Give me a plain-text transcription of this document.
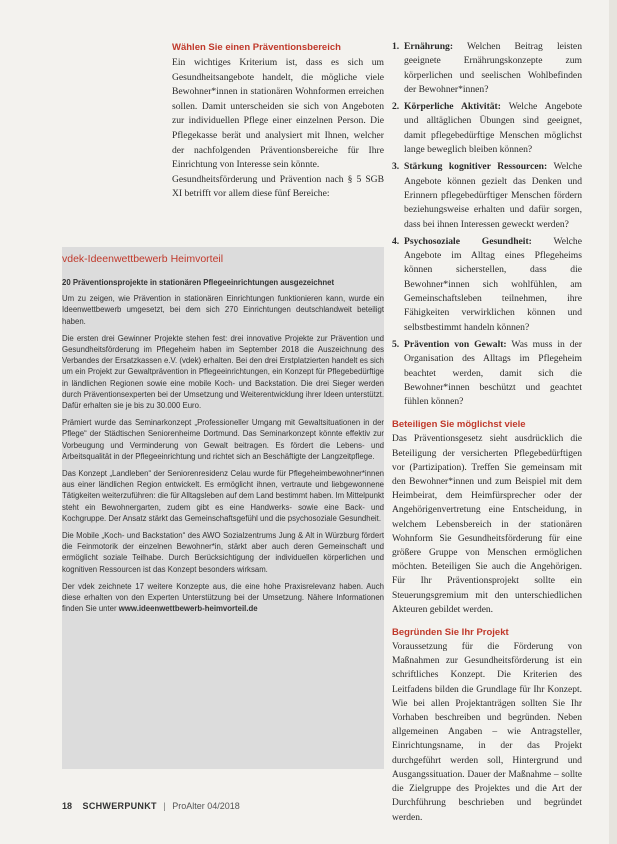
Wählen Sie einen Präventionsbereich

Ein wichtiges Kriterium ist, dass es sich um Gesundheitsangebote handelt, die mögliche viele Bewohner*innen in stationären Wohnformen erreichen sollen. Damit unterscheiden sie sich von Angeboten zur individuellen Pflege einer einzelnen Person. Die Pflegekasse berät und analysiert mit Ihnen, welcher der nachfolgenden Präventionsbereiche für Ihre Einrichtung von Interesse sein könnte.

Gesundheitsförderung und Prävention nach § 5 SGB XI betrifft vor allem diese fünf Bereiche:

vdek-Ideenwettbewerb Heimvorteil

20 Präventionsprojekte in stationären Pflegeeinrichtungen ausgezeichnet

Um zu zeigen, wie Prävention in stationären Einrichtungen funktionieren kann, wurde ein Ideenwettbewerb umgesetzt, bei dem sich 270 Einrichtungen deutschlandweit beteiligt haben.

Die ersten drei Gewinner Projekte stehen fest: drei innovative Projekte zur Prävention und Gesundheitsförderung im Pflegeheim haben im September 2018 die Auszeichnung des Verbandes der Ersatzkassen e.V. (vdek) erhalten. Bei den drei Erstplatzierten handelt es sich um ein Projekt zur Gewaltprävention in Pflegeeinrichtungen, ein Konzept für Pflegebedürftige in ländlichen Regionen sowie eine mobile Koch- und Backstation. Die drei Sieger werden durch Präventionsexperten bei der Umsetzung und Weiterentwicklung ihrer Ideen unterstützt. Dafür erhalten sie je bis zu 30.000 Euro.

Prämiert wurde das Seminarkonzept „Professioneller Umgang mit Gewaltsituationen in der Pflege“ der Städtischen Seniorenheime Dortmund. Das Seminarkonzept könnte effektiv zur Vorbeugung und Verminderung von Gewalt beitragen. Es fördert die Lebens- und Arbeitsqualität in der Pflegeeinrichtung und richtet sich an Beschäftigte der Langzeitpflege.

Das Konzept „Landleben“ der Seniorenresidenz Celau wurde für Pflegeheimbewohner*innen aus einer ländlichen Region entwickelt. Es ermöglicht ihnen, vertraute und liebgewonnene Tätigkeiten weiterzuführen: die für Alltagsleben auf dem Land bestimmt haben. Im Mittelpunkt steht ein Bewohnergarten, zudem gibt es eine Handwerks- sowie eine Back- und Kochgruppe. Der Ansatz stärkt das Gemeinschaftsgefühl und die psychosoziale Gesundheit.

Die Mobile „Koch- und Backstation“ des AWO Sozialzentrums Jung & Alt in Würzburg fördert die Feinmotorik der einzelnen Bewohner*in, stärkt aber auch deren Gemeinschaft und ermöglicht soziale Teilhabe. Durch Berücksichtigung der individuellen körperlichen und kognitiven Ressourcen ist das Konzept besonders wirksam.

Der vdek zeichnete 17 weitere Konzepte aus, die eine hohe Praxisrelevanz haben. Auch diese erhalten von den Experten Unterstützung bei der Umsetzung. Nähere Informationen finden Sie unter www.ideenwettbewerb-heimvorteil.de

1. Ernährung: Welchen Beitrag leisten geeignete Ernährungskonzepte zum körperlichen und seelischen Wohlbefinden der Bewohner*innen?
2. Körperliche Aktivität: Welche Angebote und alltäglichen Übungen sind geeignet, damit pflegebedürftige Menschen möglichst lange beweglich bleiben können?
3. Stärkung kognitiver Ressourcen: Welche Angebote können gezielt das Denken und Erinnern pflegebedürftiger Menschen fördern beziehungsweise erhalten und dafür sorgen, dass bei ihnen Interessen geweckt werden?
4. Psychosoziale Gesundheit: Welche Angebote im Alltag eines Pflegeheims können sicherstellen, dass die Bewohner*innen sich wohlfühlen, am Gemeinschaftsleben teilnehmen, ihre Fähigkeiten verwirklichen können und selbstbestimmt handeln können?
5. Prävention von Gewalt: Was muss in der Organisation des Alltags im Pflegeheim beachtet werden, damit sich die Bewohner*innen beschützt und geachtet fühlen können?
Beteiligen Sie möglichst viele

Das Präventionsgesetz sieht ausdrücklich die Beteiligung der versicherten Pflegebedürftigen vor (Partizipation). Treffen Sie gemeinsam mit den Bewohner*innen und zum Beispiel mit dem Heimbeirat, dem Heimfürsprecher oder der Angehörigenvertretung eine Entscheidung, in welchem Lebensbereich in der stationären Wohnform Sie Gesundheitsförderung für eine größere Gruppe von Menschen ermöglichen möchten. Beteiligen Sie auch die Angehörigen. Für Ihr Präventionsprojekt sollte ein Steuerungsgremium mit den unterschiedlichen Akteuren gebildet werden.

Begründen Sie Ihr Projekt

Voraussetzung für die Förderung von Maßnahmen zur Gesundheitsförderung ist ein schriftliches Konzept. Die Kriterien des Leitfadens bilden die Grundlage für Ihr Konzept. Wie bei allen Projektanträgen sollten Sie Ihr Vorhaben beschreiben und begründen. Neben allgemeinen Angaben – wie Antragsteller, Einrichtungsname, in der das Projekt durchgeführt werden soll, Hintergrund und Ausgangssituation. Dauer der Maßnahme – sollte die Zielgruppe des Projektes und die Art der Durchführung beschrieben und begründet werden.

18 SCHWERPUNKT | ProAlter 04/2018
